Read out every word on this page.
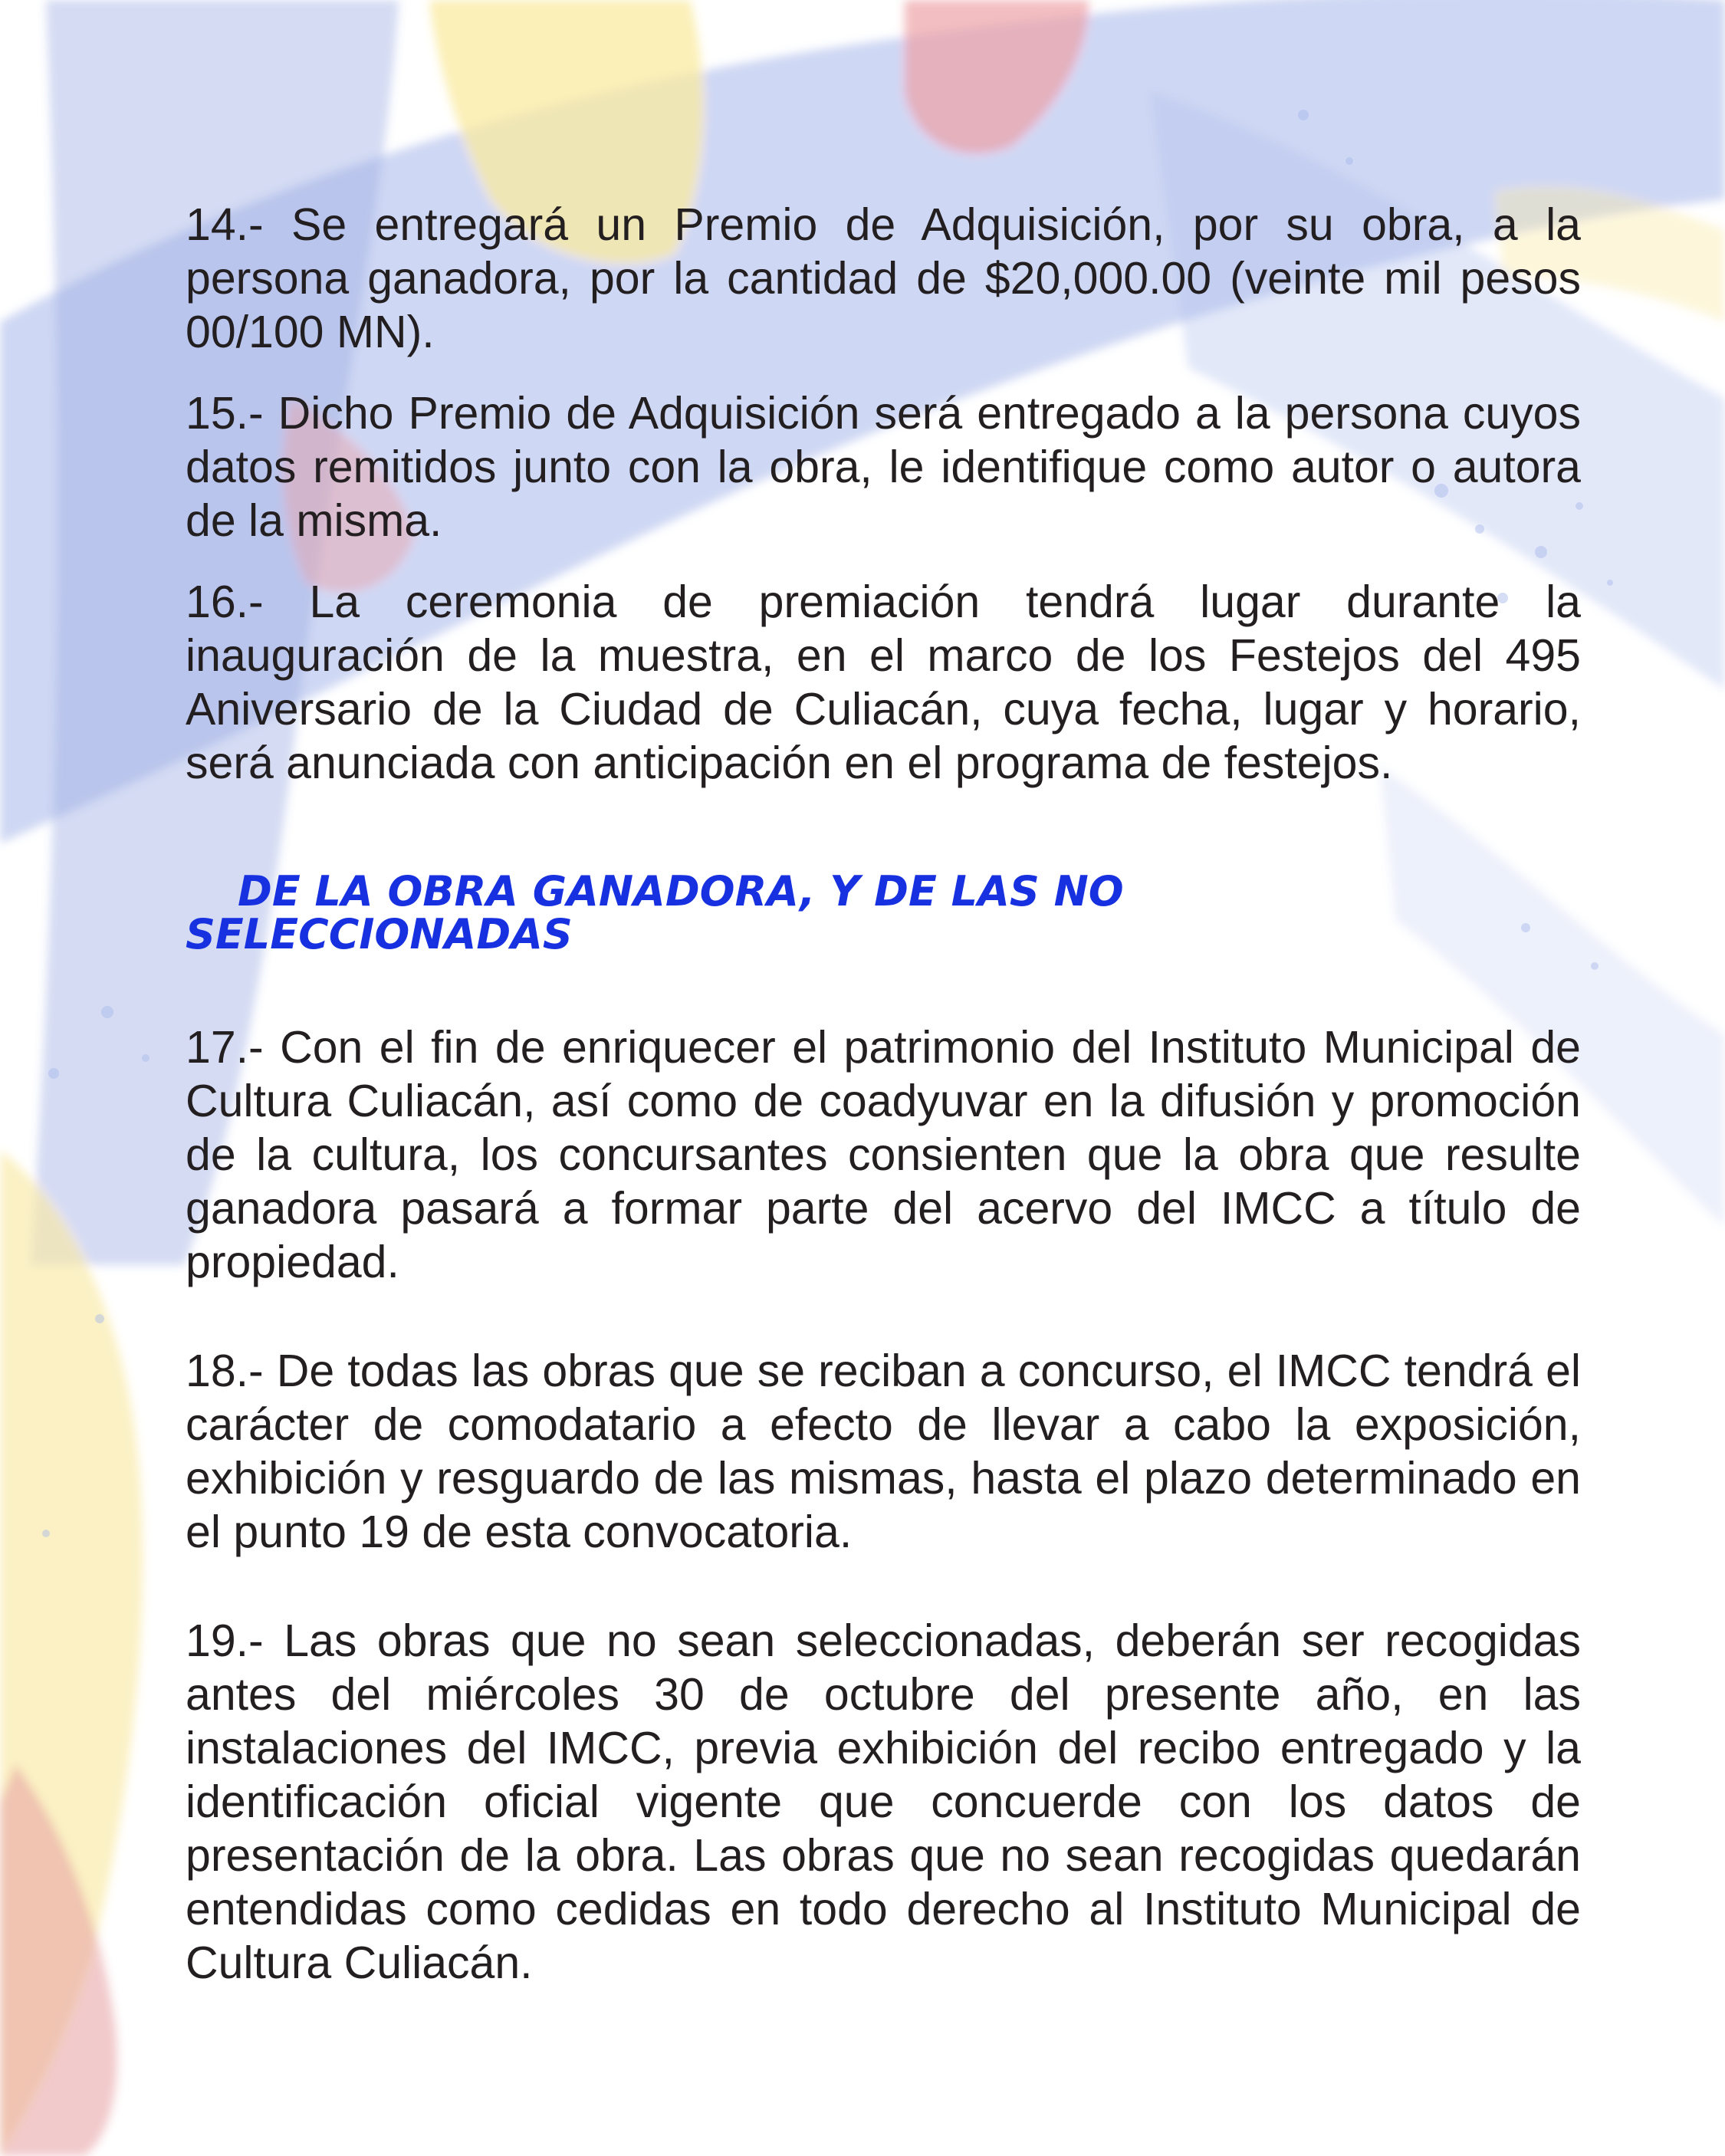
14.- Se entregará un Premio de Adquisición, por su obra, a la persona ganadora, por la cantidad de $20,000.00 (veinte mil pesos 00/100 MN).

15.- Dicho Premio de Adquisición será entregado a la persona cuyos datos remitidos junto con la obra, le identifique como autor o autora de la misma.

16.- La ceremonia de premiación tendrá lugar durante la inauguración de la muestra, en el marco de los Festejos del 495 Aniversario de la Ciudad de Culiacán, cuya fecha, lugar y horario, será anunciada con anticipación en el programa de festejos.

DE LA OBRA GANADORA, Y DE LAS NO
SELECCIONADAS

17.- Con el fin de enriquecer el patrimonio del Instituto Municipal de Cultura Culiacán, así como de coadyuvar en la difusión y promoción de la cultura, los concursantes consienten que la obra que resulte ganadora pasará a formar parte del acervo del IMCC a título de propiedad.

18.- De todas las obras que se reciban a concurso, el IMCC tendrá el carácter de comodatario a efecto de llevar a cabo la exposición, exhibición y resguardo de las mismas, hasta el plazo determinado en el punto 19 de esta convocatoria.

19.- Las obras que no sean seleccionadas, deberán ser recogidas antes del miércoles 30 de octubre del presente año, en las instalaciones del IMCC, previa exhibición del recibo entregado y la identificación oficial vigente que concuerde con los datos de presentación de la obra. Las obras que no sean recogidas quedarán entendidas como cedidas en todo derecho al Instituto Municipal de Cultura Culiacán.
